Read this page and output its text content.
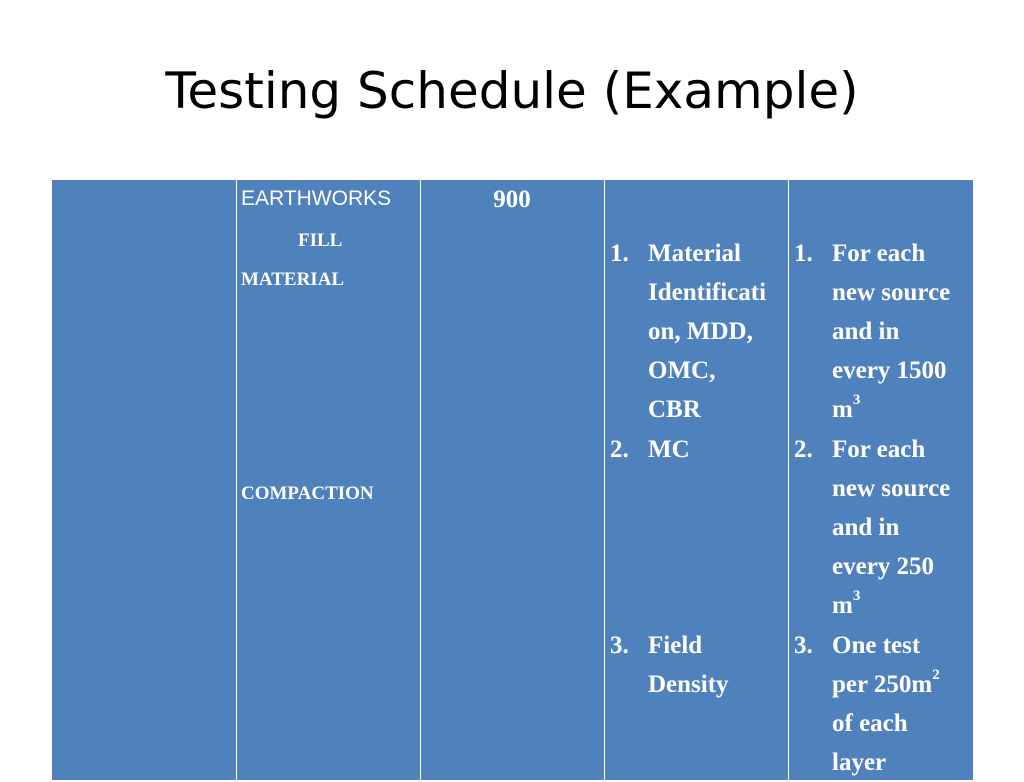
Testing Schedule (Example)
EARTHWORKS
FILL
MATERIAL
COMPACTION
900
1. Material
Identificati
on, MDD,
OMC,
CBR
2. MC
3. Field
Density
1. For each
new source
and in
every 1500
$m^3$
2. For each
new source
and in
every 250
$m^3$
3. One test
per $250m^2$
of each
layer
